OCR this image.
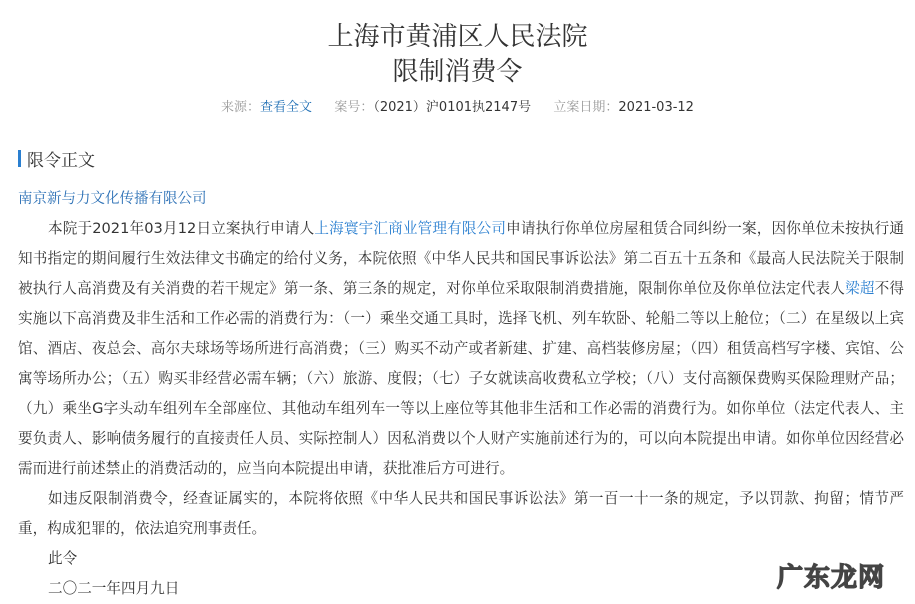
上海市黄浦区人民法院
限制消费令
来源：查看全文 案号：（2021）沪0101执2147号 立案日期：2021-03-12
限令正文
南京新与力文化传播有限公司

本院于2021年03月12日立案执行申请人上海寰宇汇商业管理有限公司申请执行你单位房屋租赁合同纠纷一案，因你单位未按执行通知书指定的期间履行生效法律文书确定的给付义务，本院依照《中华人民共和国民事诉讼法》第二百五十五条和《最高人民法院关于限制被执行人高消费及有关消费的若干规定》第一条、第三条的规定，对你单位采取限制消费措施，限制你单位及你单位法定代表人梁超不得实施以下高消费及非生活和工作必需的消费行为：（一）乘坐交通工具时，选择飞机、列车软卧、轮船二等以上舱位；（二）在星级以上宾馆、酒店、夜总会、高尔夫球场等场所进行高消费；（三）购买不动产或者新建、扩建、高档装修房屋；（四）租赁高档写字楼、宾馆、公寓等场所办公；（五）购买非经营必需车辆；（六）旅游、度假；（七）子女就读高收费私立学校；（八）支付高额保费购买保险理财产品；（九）乘坐G字头动车组列车全部座位、其他动车组列车一等以上座位等其他非生活和工作必需的消费行为。如你单位（法定代表人、主要负责人、影响债务履行的直接责任人员、实际控制人）因私消费以个人财产实施前述行为的，可以向本院提出申请。如你单位因经营必需而进行前述禁止的消费活动的，应当向本院提出申请，获批准后方可进行。

如违反限制消费令，经查证属实的，本院将依照《中华人民共和国民事诉讼法》第一百一十一条的规定，予以罚款、拘留；情节严重，构成犯罪的，依法追究刑事责任。

此令

二〇二一年四月九日	广东龙网
